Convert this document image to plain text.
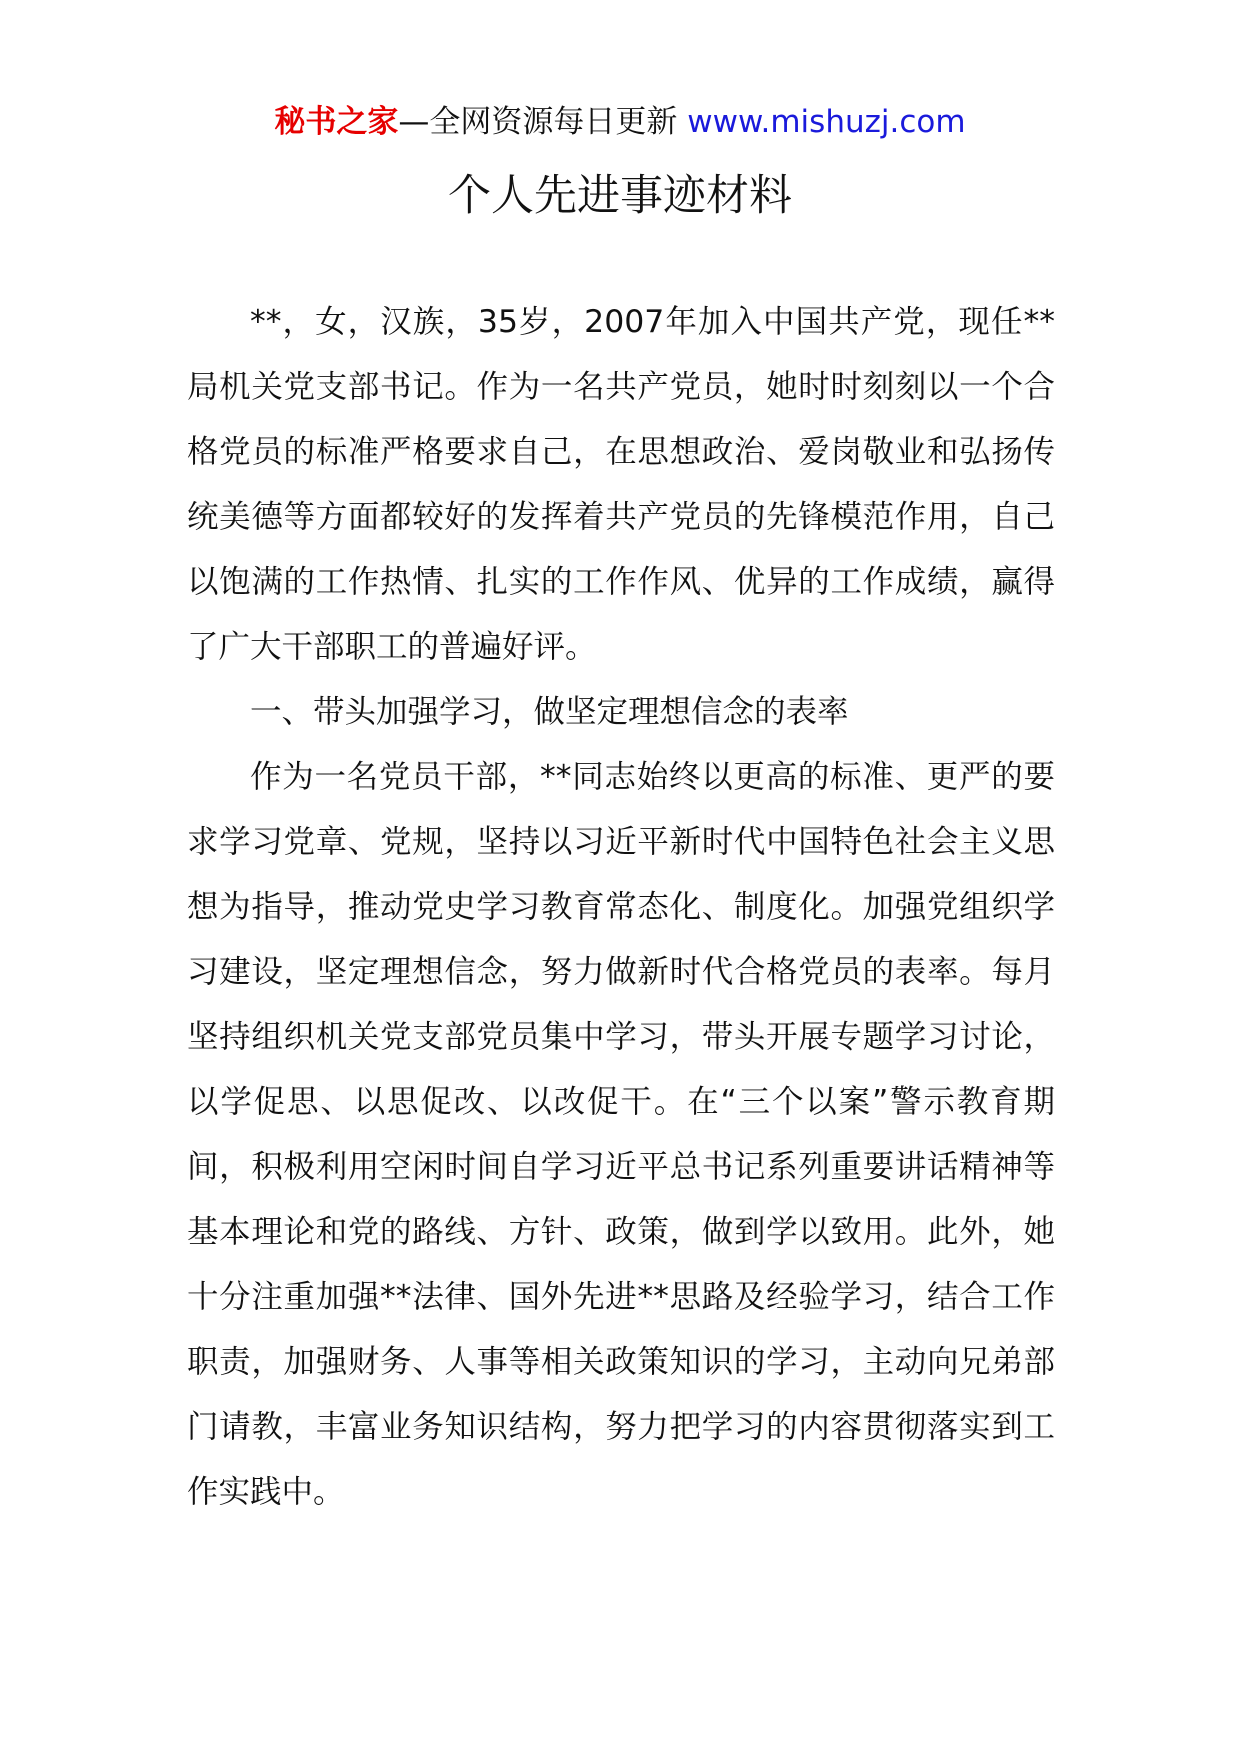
秘书之家—全网资源每日更新 www.mishuzj.com
个人先进事迹材料

**，女，汉族，35岁，2007年加入中国共产党，现任**局机关党支部书记。作为一名共产党员，她时时刻刻以一个合格党员的标准严格要求自己，在思想政治、爱岗敬业和弘扬传统美德等方面都较好的发挥着共产党员的先锋模范作用，自己以饱满的工作热情、扎实的工作作风、优异的工作成绩，赢得了广大干部职工的普遍好评。

一、带头加强学习，做坚定理想信念的表率

作为一名党员干部，**同志始终以更高的标准、更严的要求学习党章、党规，坚持以习近平新时代中国特色社会主义思想为指导，推动党史学习教育常态化、制度化。加强党组织学习建设，坚定理想信念，努力做新时代合格党员的表率。每月坚持组织机关党支部党员集中学习，带头开展专题学习讨论，以学促思、以思促改、以改促干。在“三个以案”警示教育期间，积极利用空闲时间自学习近平总书记系列重要讲话精神等基本理论和党的路线、方针、政策，做到学以致用。此外，她十分注重加强**法律、国外先进**思路及经验学习，结合工作职责，加强财务、人事等相关政策知识的学习，主动向兄弟部门请教，丰富业务知识结构，努力把学习的内容贯彻落实到工作实践中。
